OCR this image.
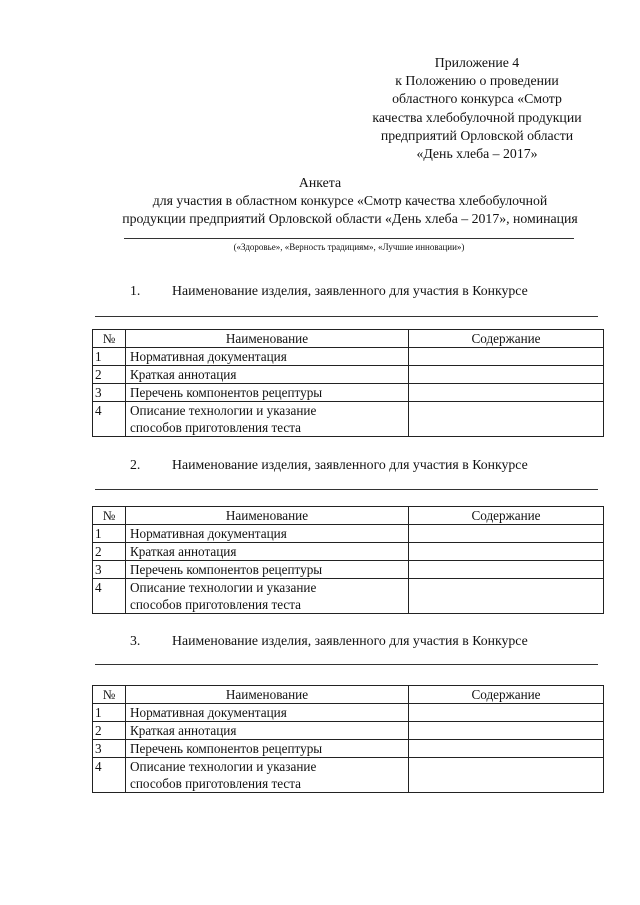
Приложение 4
к Положению о проведении
областного конкурса «Смотр
качества хлебобулочной продукции
предприятий Орловской области
«День хлеба – 2017»
Анкета
для участия в областном конкурсе «Смотр качества хлебобулочной
продукции предприятий Орловской области «День хлеба – 2017», номинация
(«Здоровье», «Верность традициям», «Лучшие инновации»)
1. Наименование изделия, заявленного для участия в Конкурсе
№	Наименование	Содержание
1	Нормативная документация	
2	Краткая аннотация	
3	Перечень компонентов рецептуры	
4	Описание технологии и указание
способов приготовления теста	

2. Наименование изделия, заявленного для участия в Конкурсе
№	Наименование	Содержание
1	Нормативная документация	
2	Краткая аннотация	
3	Перечень компонентов рецептуры	
4	Описание технологии и указание
способов приготовления теста	

3. Наименование изделия, заявленного для участия в Конкурсе
№	Наименование	Содержание
1	Нормативная документация	
2	Краткая аннотация	
3	Перечень компонентов рецептуры	
4	Описание технологии и указание
способов приготовления теста	
